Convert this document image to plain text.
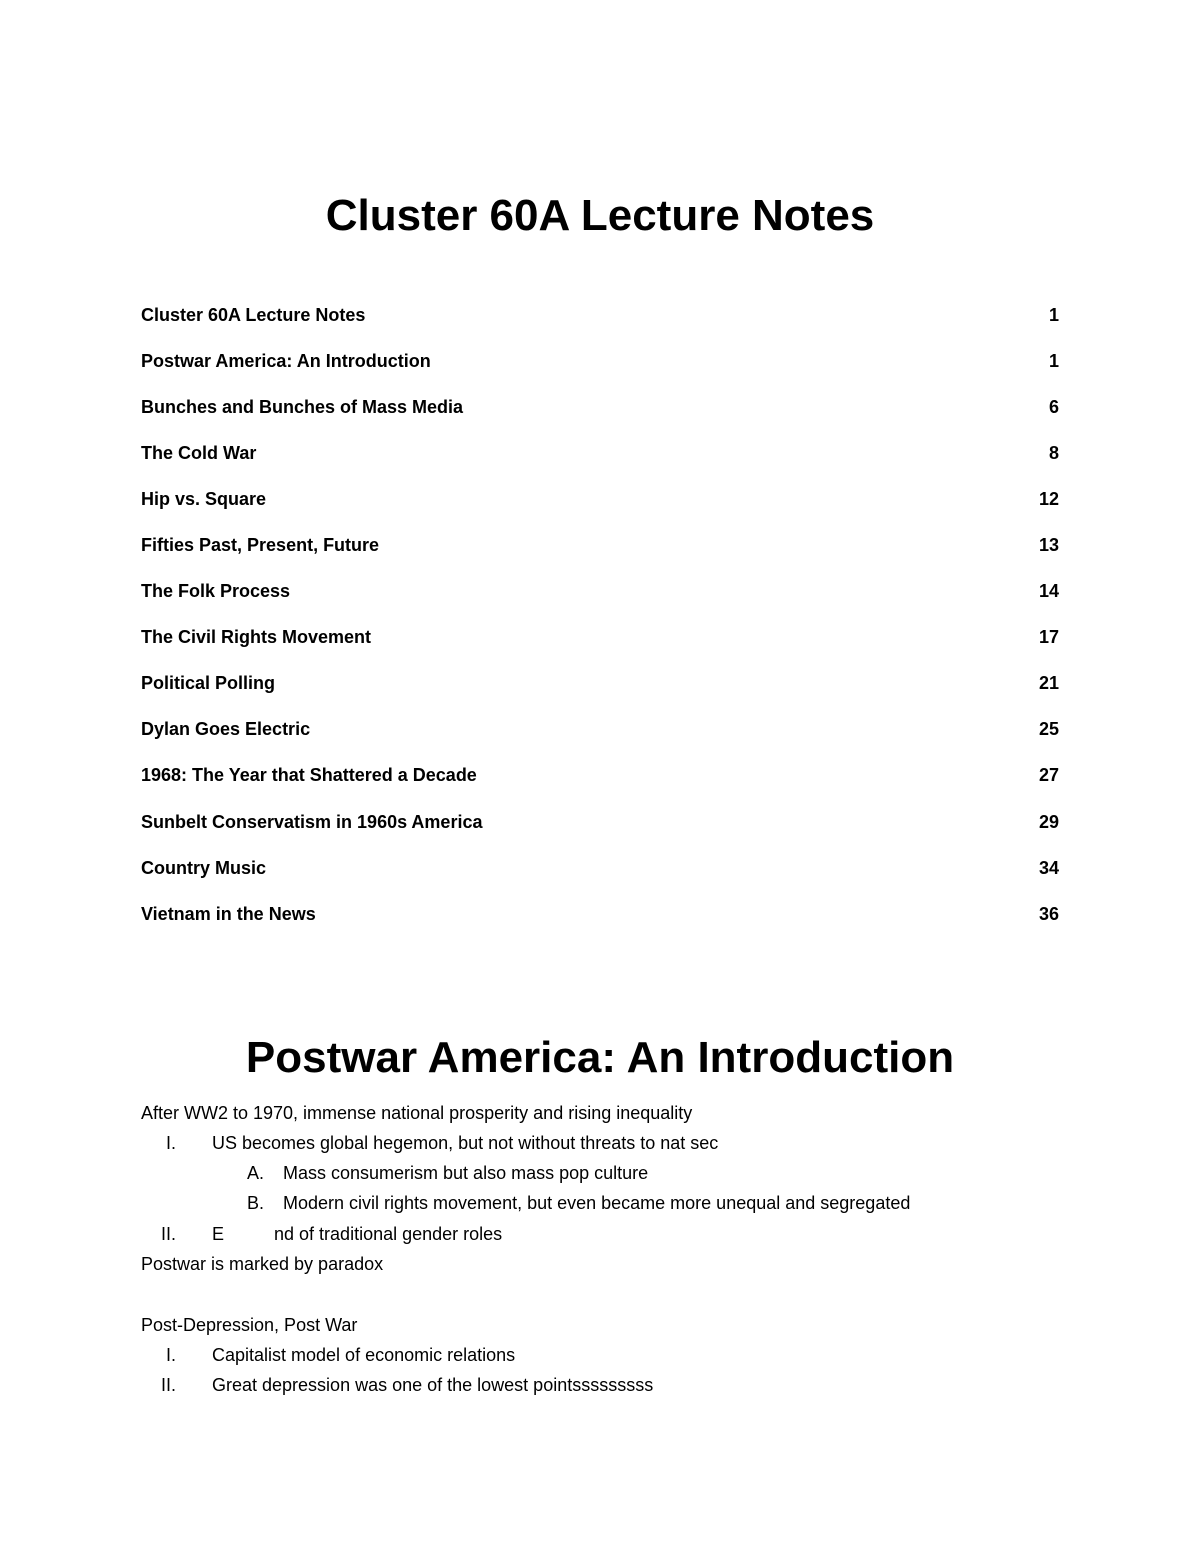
Cluster 60A Lecture Notes
Cluster 60A Lecture Notes	1
Postwar America: An Introduction	1
Bunches and Bunches of Mass Media	6
The Cold War	8
Hip vs. Square	12
Fifties Past, Present, Future	13
The Folk Process	14
The Civil Rights Movement	17
Political Polling	21
Dylan Goes Electric	25
1968: The Year that Shattered a Decade	27
Sunbelt Conservatism in 1960s America	29
Country Music	34
Vietnam in the News	36
Postwar America: An Introduction
After WW2 to 1970, immense national prosperity and rising inequality
I. US becomes global hegemon, but not without threats to nat sec
A. Mass consumerism but also mass pop culture
B. Modern civil rights movement, but even became more unequal and segregated
II. E          nd of traditional gender roles
Postwar is marked by paradox
Post-Depression, Post War
I. Capitalist model of economic relations
II. Great depression was one of the lowest pointsssssssss
